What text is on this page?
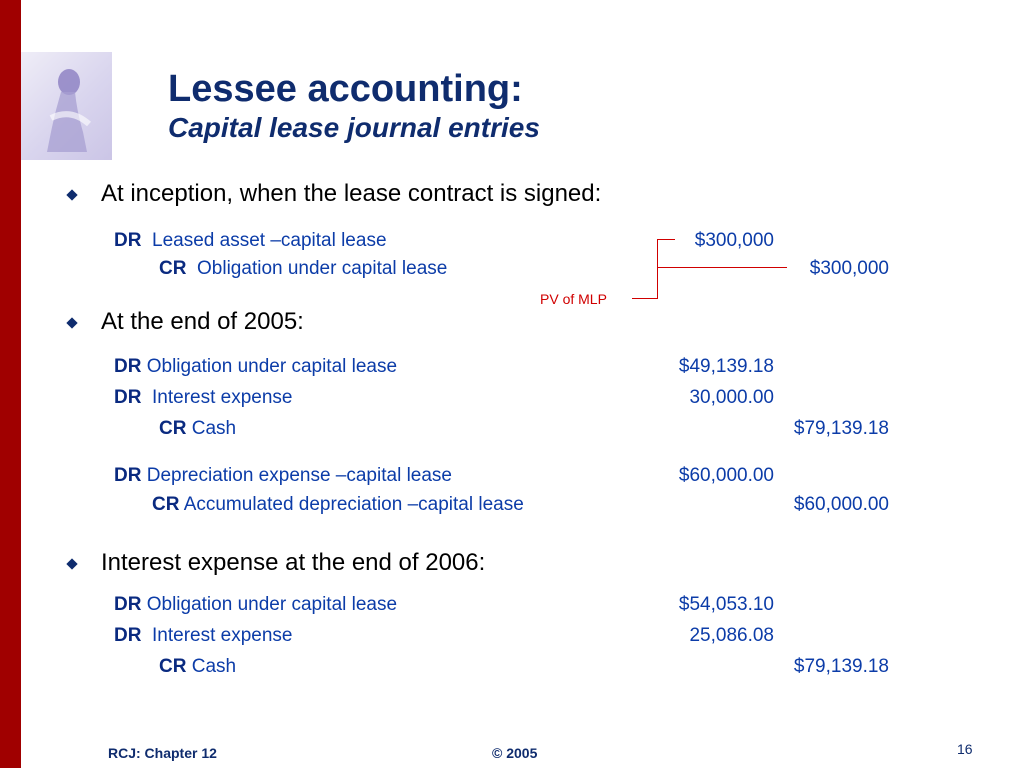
Lessee accounting:
Capital lease journal entries
At inception, when the lease contract is signed:
DR Leased asset –capital lease	$300,000
CR Obligation under capital lease	$300,000
PV of MLP
At the end of 2005:
DR Obligation under capital lease	$49,139.18
DR Interest expense	30,000.00
CR Cash	$79,139.18
DR Depreciation expense –capital lease	$60,000.00
CR Accumulated depreciation –capital lease	$60,000.00
Interest expense at the end of 2006:
DR Obligation under capital lease	$54,053.10
DR Interest expense	25,086.08
CR Cash	$79,139.18
RCJ: Chapter 12	© 2005	16
